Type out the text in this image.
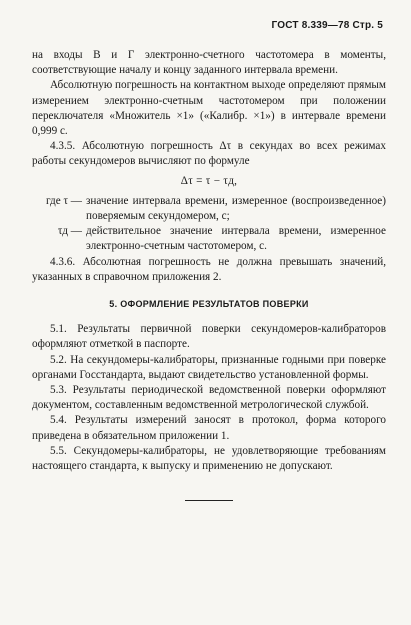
ГОСТ 8.339—78 Стр. 5

на входы В и Г электронно-счетного частотомера в моменты, соответствующие началу и концу заданного интервала времени.

Абсолютную погрешность на контактном выходе определяют прямым измерением электронно-счетным частотомером при положении переключателя «Множитель ×1» («Калибр. ×1») в интервале времени 0,999 с.

4.3.5. Абсолютную погрешность Δτ в секундах во всех режимах работы секундомеров вычисляют по формуле

Δτ = τ − τд,

где τ — значение интервала времени, измеренное (воспроизведенное) поверяемым секундомером, с;
τд — действительное значение интервала времени, измеренное электронно-счетным частотомером, с.

4.3.6. Абсолютная погрешность не должна превышать значений, указанных в справочном приложения 2.

5. ОФОРМЛЕНИЕ РЕЗУЛЬТАТОВ ПОВЕРКИ

5.1. Результаты первичной поверки секундомеров-калибраторов оформляют отметкой в паспорте.

5.2. На секундомеры-калибраторы, признанные годными при поверке органами Госстандарта, выдают свидетельство установленной формы.

5.3. Результаты периодической ведомственной поверки оформляют документом, составленным ведомственной метрологической службой.

5.4. Результаты измерений заносят в протокол, форма которого приведена в обязательном приложении 1.

5.5. Секундомеры-калибраторы, не удовлетворяющие требованиям настоящего стандарта, к выпуску и применению не допускают.
